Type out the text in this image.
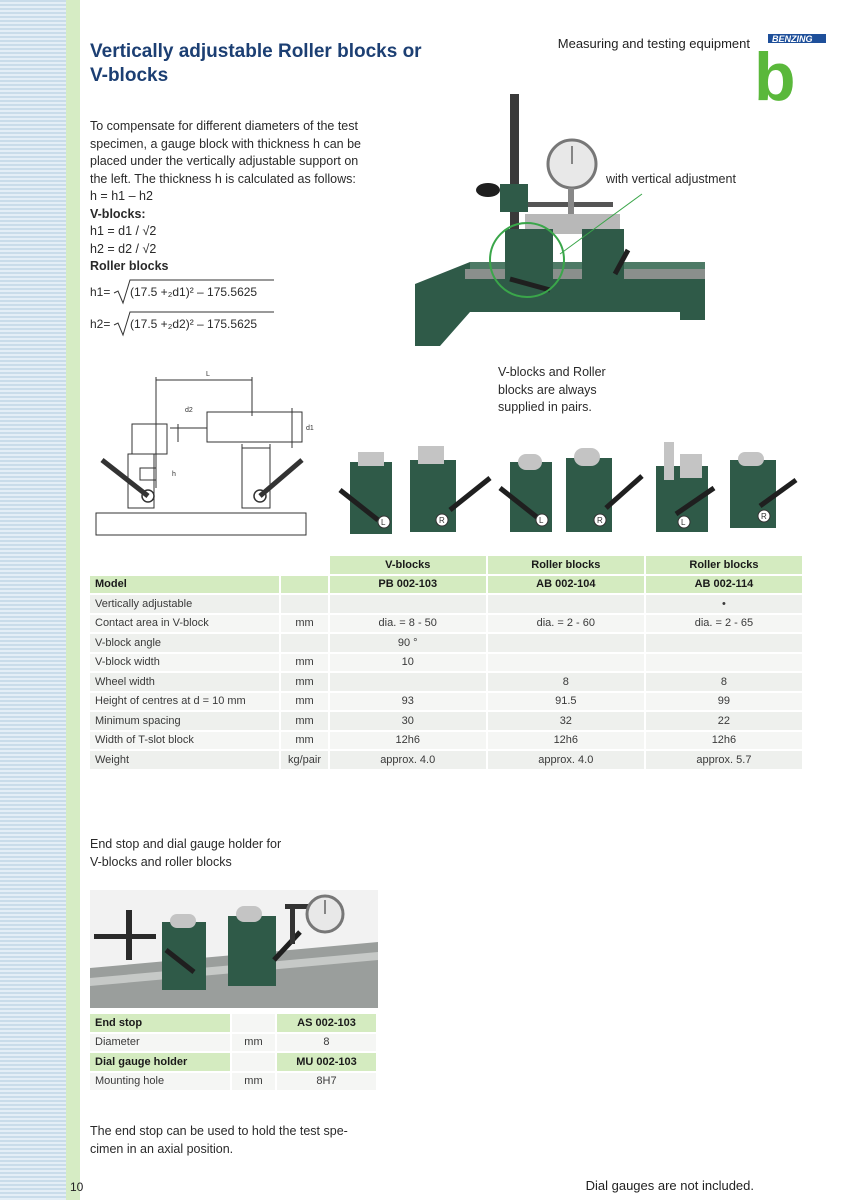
Vertically adjustable Roller blocks or
V-blocks
Measuring and testing equipment BENZING
b
To compensate for different diameters of the test
specimen, a gauge block with thickness h can be
placed under the vertically adjustable support on
the left. The thickness h is calculated as follows:
h = h1 – h2
V-blocks:
h1 = d1 / √2
h2 = d2 / √2
Roller blocks
h1= (17.5 +₂d1)² – 175.5625
h2= (17.5 +₂d2)² – 175.5625
with vertical adjustment
L
d2
d1
h
V-blocks and Roller
blocks are always
supplied in pairs.
L	R	L	R	L
R
		V-blocks	Roller blocks	Roller blocks
Model		PB 002-103	AB 002-104	AB 002-114
Vertically adjustable				•
Contact area in V-block	mm	dia. = 8 - 50	dia. = 2 - 60	dia. = 2 - 65
V-block angle		90 °		
V-block width	mm	10		
Wheel width	mm		8	8
Height of centres at d = 10 mm	mm	93	91.5	99
Minimum spacing	mm	30	32	22
Width of T-slot block	mm	12h6	12h6	12h6
Weight	kg/pair	approx. 4.0	approx. 4.0	approx. 5.7
End stop and dial gauge holder for
V-blocks and roller blocks
End stop		AS 002-103
Diameter	mm	8
Dial gauge holder		MU 002-103
Mounting hole	mm	8H7
The end stop can be used to hold the test spe-
cimen in an axial position.
10	Dial gauges are not included.
